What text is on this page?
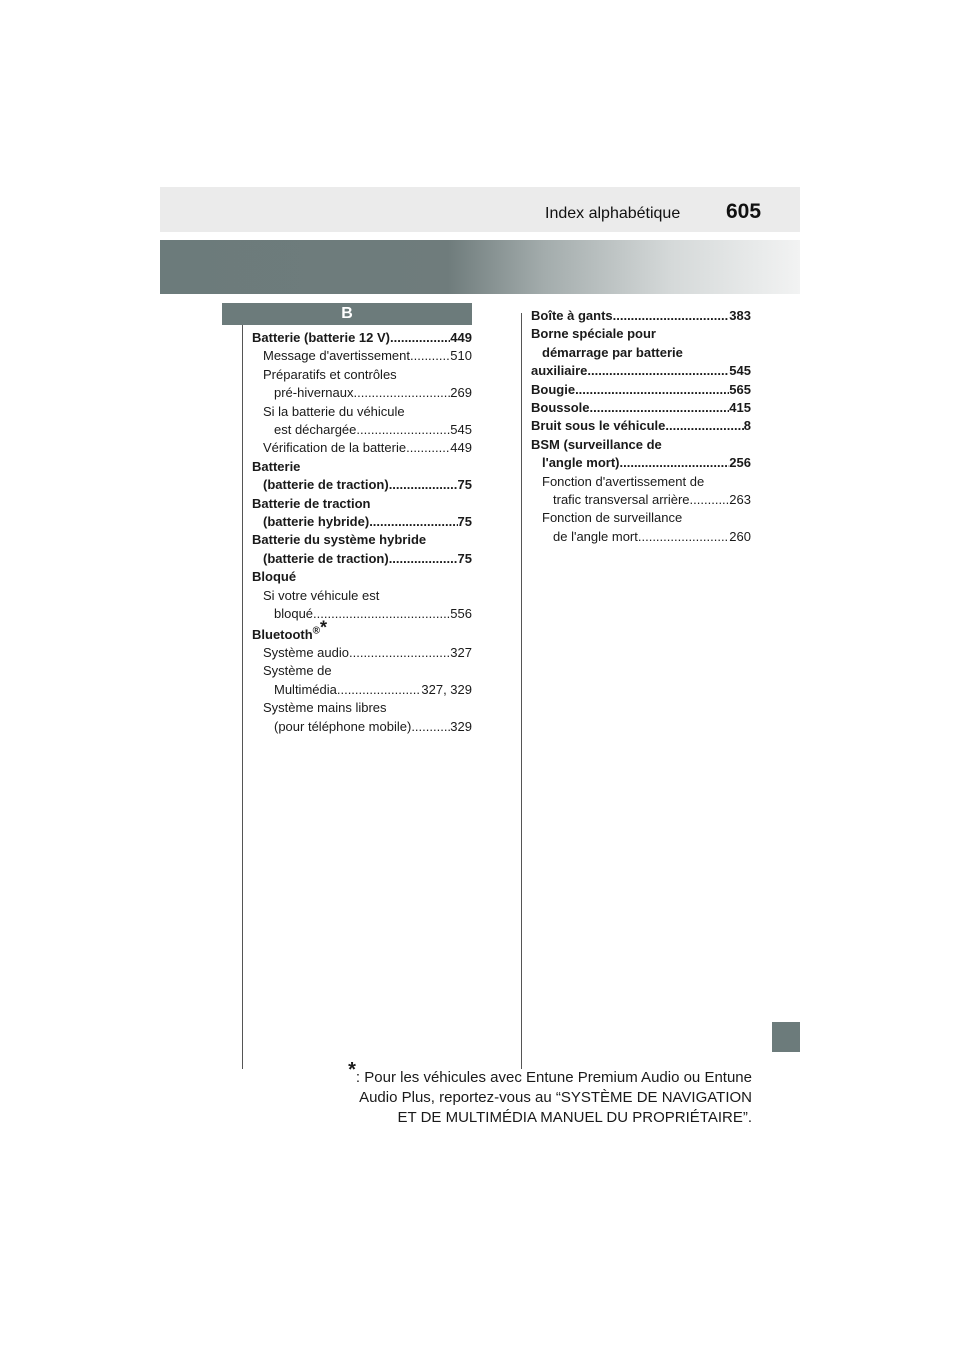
Index alphabétique 605
B
Batterie (batterie 12 V) .....	449
Message d'avertissement .....	510
Préparatifs et contrôles
pré-hivernaux .....	269
Si la batterie du véhicule
est déchargée .....	545
Vérification de la batterie .....	449
Batterie
(batterie de traction) .....	75
Batterie de traction
(batterie hybride) .....	75
Batterie du système hybride
(batterie de traction) .....	75
Bloqué
Si votre véhicule est
bloqué .....	556
Bluetooth®*
Système audio .....	327
Système de
Multimédia .....	327, 329
Système mains libres
(pour téléphone mobile) .....	329
Boîte à gants .....	383
Borne spéciale pour
démarrage par batterie
auxiliaire .....	545
Bougie .....	565
Boussole .....	415
Bruit sous le véhicule .....	8
BSM (surveillance de
l'angle mort) .....	256
Fonction d'avertissement de
trafic transversal arrière .....	263
Fonction de surveillance
de l'angle mort .....	260
*: Pour les véhicules avec Entune Premium Audio ou Entune
Audio Plus, reportez-vous au “SYSTÈME DE NAVIGATION
ET DE MULTIMÉDIA MANUEL DU PROPRIÉTAIRE”.
